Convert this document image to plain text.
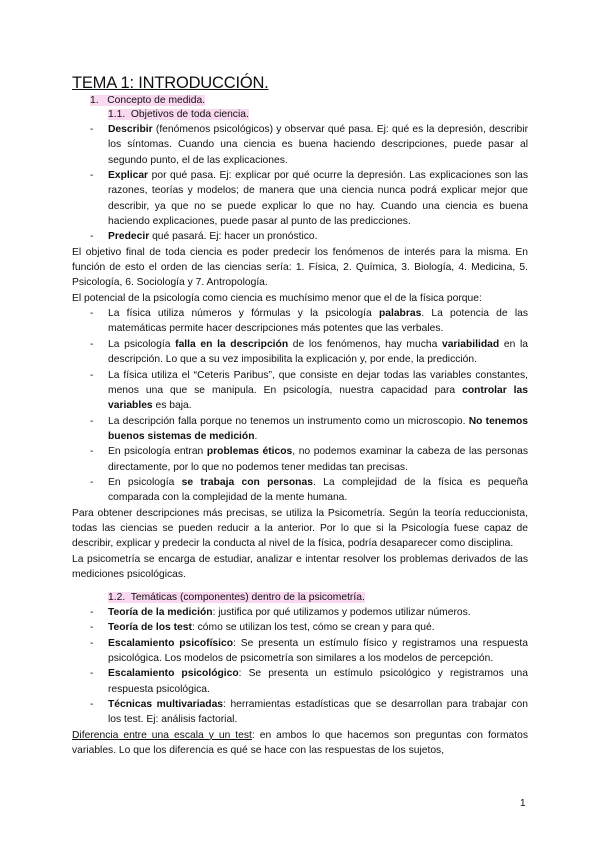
TEMA 1: INTRODUCCIÓN.
1. Concepto de medida.
1.1. Objetivos de toda ciencia.
- Describir (fenómenos psicológicos) y observar qué pasa. Ej: qué es la depresión, describir los síntomas. Cuando una ciencia es buena haciendo descripciones, puede pasar al segundo punto, el de las explicaciones.
- Explicar por qué pasa. Ej: explicar por qué ocurre la depresión. Las explicaciones son las razones, teorías y modelos; de manera que una ciencia nunca podrá explicar mejor que describir, ya que no se puede explicar lo que no hay. Cuando una ciencia es buena haciendo explicaciones, puede pasar al punto de las predicciones.
- Predecir qué pasará. Ej: hacer un pronóstico.

El objetivo final de toda ciencia es poder predecir los fenómenos de interés para la misma. En función de esto el orden de las ciencias sería: 1. Física, 2. Química, 3. Biología, 4. Medicina, 5. Psicología, 6. Sociología y 7. Antropología.

El potencial de la psicología como ciencia es muchísimo menor que el de la física porque:

- La física utiliza números y fórmulas y la psicología palabras. La potencia de las matemáticas permite hacer descripciones más potentes que las verbales.
- La psicología falla en la descripción de los fenómenos, hay mucha variabilidad en la descripción. Lo que a su vez imposibilita la explicación y, por ende, la predicción.
- La física utiliza el “Ceteris Paribus”, que consiste en dejar todas las variables constantes, menos una que se manipula. En psicología, nuestra capacidad para controlar las variables es baja.
- La descripción falla porque no tenemos un instrumento como un microscopio. No tenemos buenos sistemas de medición.
- En psicología entran problemas éticos, no podemos examinar la cabeza de las personas directamente, por lo que no podemos tener medidas tan precisas.
- En psicología se trabaja con personas. La complejidad de la física es pequeña comparada con la complejidad de la mente humana.

Para obtener descripciones más precisas, se utiliza la Psicometría. Según la teoría reduccionista, todas las ciencias se pueden reducir a la anterior. Por lo que si la Psicología fuese capaz de describir, explicar y predecir la conducta al nivel de la física, podría desaparecer como disciplina.

La psicometría se encarga de estudiar, analizar e intentar resolver los problemas derivados de las mediciones psicológicas.

1.2. Temáticas (componentes) dentro de la psicometría.
- Teoría de la medición: justifica por qué utilizamos y podemos utilizar números.
- Teoría de los test: cómo se utilizan los test, cómo se crean y para qué.
- Escalamiento psicofísico: Se presenta un estímulo físico y registramos una respuesta psicológica. Los modelos de psicometría son similares a los modelos de percepción.
- Escalamiento psicológico: Se presenta un estímulo psicológico y registramos una respuesta psicológica.
- Técnicas multivariadas: herramientas estadísticas que se desarrollan para trabajar con los test. Ej: análisis factorial.

Diferencia entre una escala y un test: en ambos lo que hacemos son preguntas con formatos variables. Lo que los diferencia es qué se hace con las respuestas de los sujetos,

1
